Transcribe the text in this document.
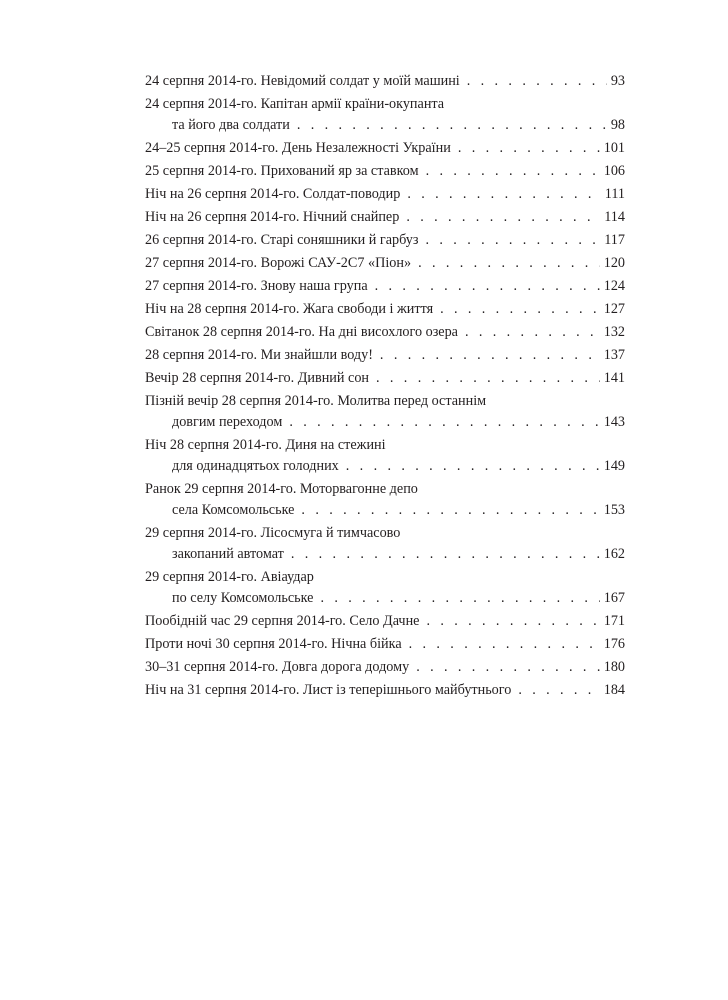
24 серпня 2014-го. Невідомий солдат у моїй машині . . .	93
24 серпня 2014-го. Капітан армії країни-окупанта
та його два солдати . . .	98
24–25 серпня 2014-го. День Незалежності України . . .	101
25 серпня 2014-го. Прихований яр за ставком . . .	106
Ніч на 26 серпня 2014-го. Солдат-поводир . . .	111
Ніч на 26 серпня 2014-го. Нічний снайпер . . .	114
26 серпня 2014-го. Старі соняшники й гарбуз . . .	117
27 серпня 2014-го. Ворожі САУ-2С7 «Піон» . . .	120
27 серпня 2014-го. Знову наша група . . .	124
Ніч на 28 серпня 2014-го. Жага свободи і життя . . .	127
Світанок 28 серпня 2014-го. На дні висохлого озера . . .	132
28 серпня 2014-го. Ми знайшли воду! . . .	137
Вечір 28 серпня 2014-го. Дивний сон . . .	141
Пізній вечір 28 серпня 2014-го. Молитва перед останнім
довгим переходом . . .	143
Ніч 28 серпня 2014-го. Диня на стежині
для одинадцятьох голодних . . .	149
Ранок 29 серпня 2014-го. Моторвагонне депо
села Комсомольське . . .	153
29 серпня 2014-го. Лісосмуга й тимчасово
закопаний автомат . . .	162
29 серпня 2014-го. Авіаудар
по селу Комсомольське . . .	167
Пообідній час 29 серпня 2014-го. Село Дачне . . .	171
Проти ночі 30 серпня 2014-го. Нічна бійка . . .	176
30–31 серпня 2014-го. Довга дорога додому . . .	180
Ніч на 31 серпня 2014-го. Лист із теперішнього майбутнього . . .	184
